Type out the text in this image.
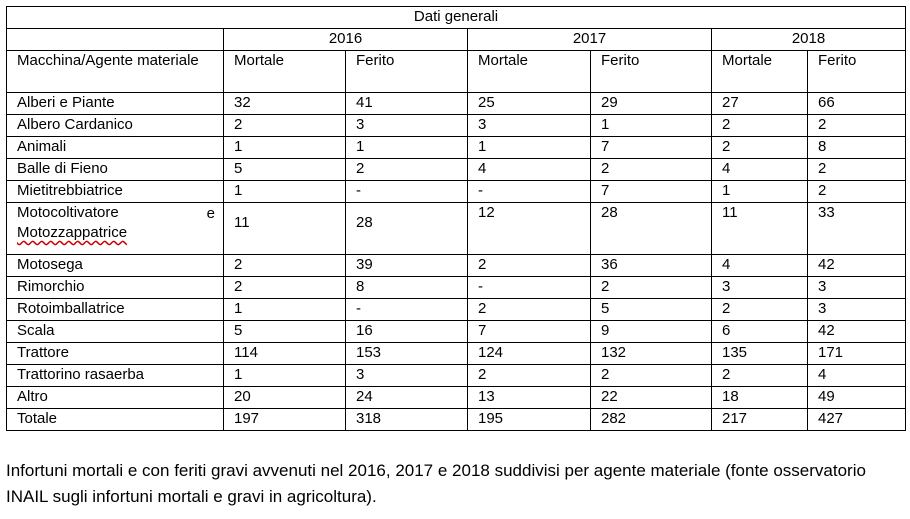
Dati generali						
	2016		2017		2018	
Macchina/Agente materiale	Mortale	Ferito	Mortale	Ferito	Mortale	Ferito
Alberi e Piante	32	41	25	29	27	66
Albero Cardanico	2	3	3	1	2	2
Animali	1	1	1	7	2	8
Balle di Fieno	5	2	4	2	4	2
Mietitrebbiatrice	1	-	-	7	1	2
Motocoltivatore e

Motozzappatrice	11	28	12	28	11	33
Motosega	2	39	2	36	4	42
Rimorchio	2	8	-	2	3	3
Rotoimballatrice	1	-	2	5	2	3
Scala	5	16	7	9	6	42
Trattore	114	153	124	132	135	171
Trattorino rasaerba	1	3	2	2	2	4
Altro	20	24	13	22	18	49
Totale	197	318	195	282	217	427
Infortuni mortali e con feriti gravi avvenuti nel 2016, 2017 e 2018 suddivisi per agente materiale (fonte osservatorio INAIL sugli infortuni mortali e gravi in agricoltura).
